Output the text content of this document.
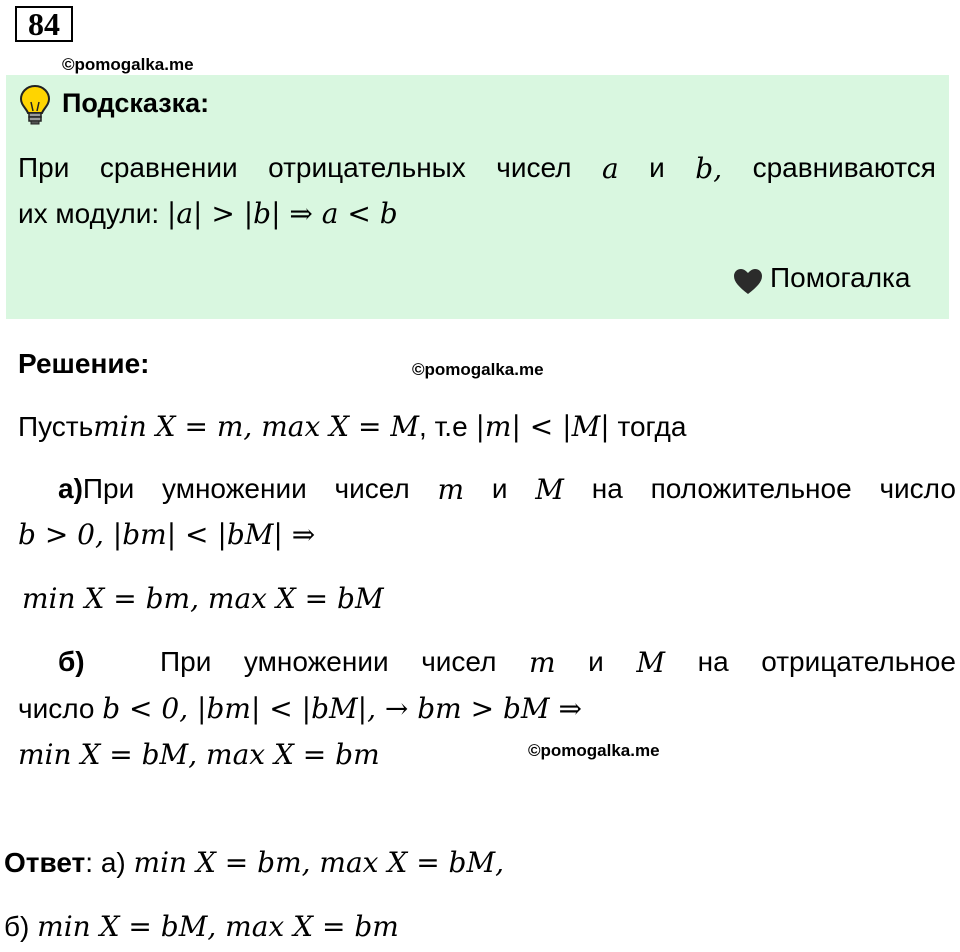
84
©pomogalka.me
Подсказка:
При сравнении отрицательных чисел a и b, сравниваются
их модули: |a| > |b| ⇒ a < b
Помогалка
Решение:	©pomogalka.me
Пустьmin X = m, max X = M, т.е |m| < |M| тогда
а)При умножении чисел m и M на положительное число
b > 0, |bm| < |bM| ⇒
min X = bm, max X = bM
б)	При умножении чисел m и M на отрицательное
число b < 0, |bm| < |bM|, → bm > bM ⇒
min X = bM, max X = bm	©pomogalka.me
Ответ: а) min X = bm, max X = bM,
б) min X = bM, max X = bm
